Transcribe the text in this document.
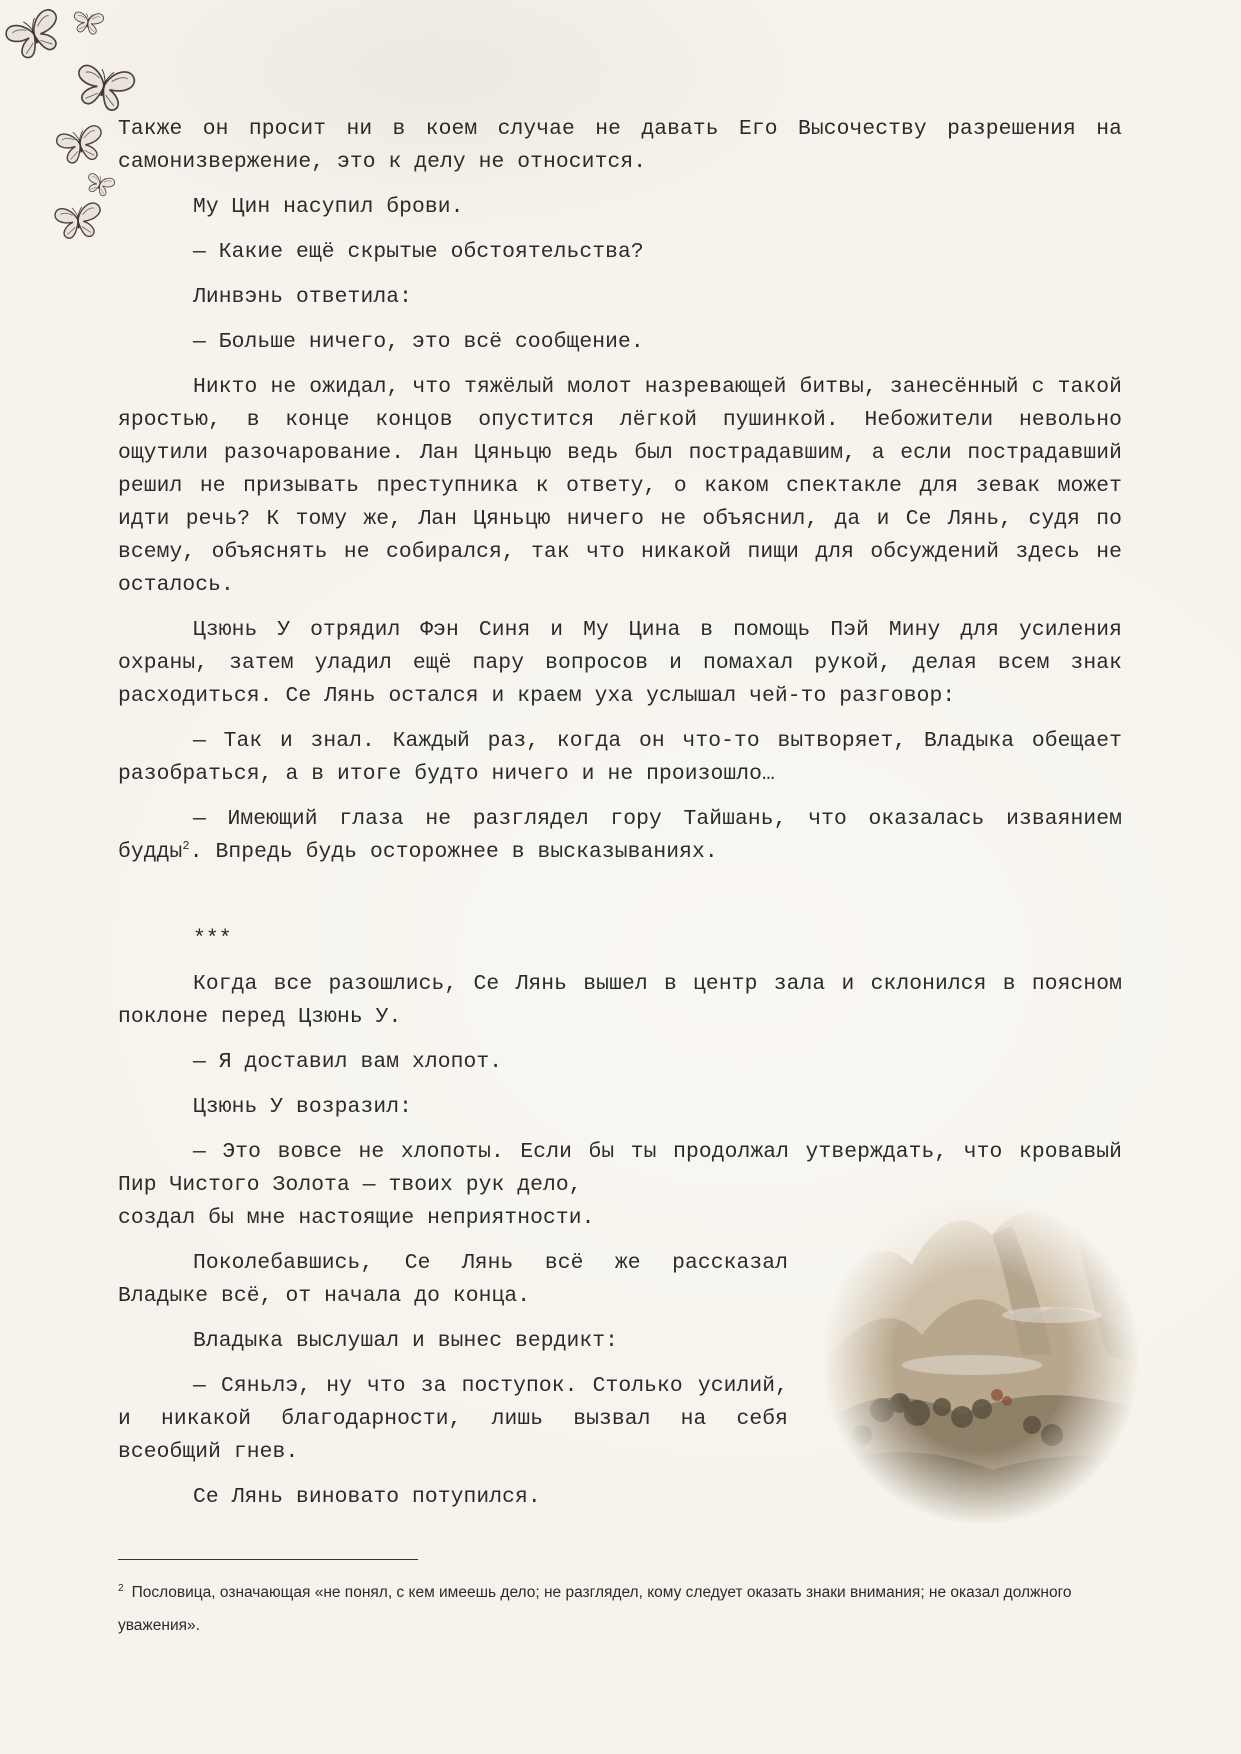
Также он просит ни в коем случае не давать Его Высочеству разрешения на самонизвержение, это к делу не относится.

Му Цин насупил брови.

— Какие ещё скрытые обстоятельства?

Линвэнь ответила:

— Больше ничего, это всё сообщение.

Никто не ожидал, что тяжёлый молот назревающей битвы, занесённый с такой яростью, в конце концов опустится лёгкой пушинкой. Небожители невольно ощутили разочарование. Лан Цяньцю ведь был пострадавшим, а если пострадавший решил не призывать преступника к ответу, о каком спектакле для зевак может идти речь? К тому же, Лан Цяньцю ничего не объяснил, да и Се Лянь, судя по всему, объяснять не собирался, так что никакой пищи для обсуждений здесь не осталось.

Цзюнь У отрядил Фэн Синя и Му Цина в помощь Пэй Мину для усиления охраны, затем уладил ещё пару вопросов и помахал рукой, делая всем знак расходиться. Се Лянь остался и краем уха услышал чей-то разговор:

— Так и знал. Каждый раз, когда он что-то вытворяет, Владыка обещает разобраться, а в итоге будто ничего и не произошло…

— Имеющий глаза не разглядел гору Тайшань, что оказалась изваянием будды$^2$. Впредь будь осторожнее в высказываниях.

***

Когда все разошлись, Се Лянь вышел в центр зала и склонился в поясном поклоне перед Цзюнь У.

— Я доставил вам хлопот.

Цзюнь У возразил:

— Это вовсе не хлопоты. Если бы ты продолжал утверждать, что кровавый Пир Чистого Золота — твоих рук дело,
создал бы мне настоящие неприятности.

Поколебавшись, Се Лянь всё же рассказал Владыке всё, от начала до конца.

Владыка выслушал и вынес вердикт:

— Сяньлэ, ну что за поступок. Столько усилий, и никакой благодарности, лишь вызвал на себя всеобщий гнев.

Се Лянь виновато потупился.

$^2$ Пословица, означающая «не понял, с кем имеешь дело; не разглядел, кому следует оказать знаки внимания; не оказал должного уважения».
